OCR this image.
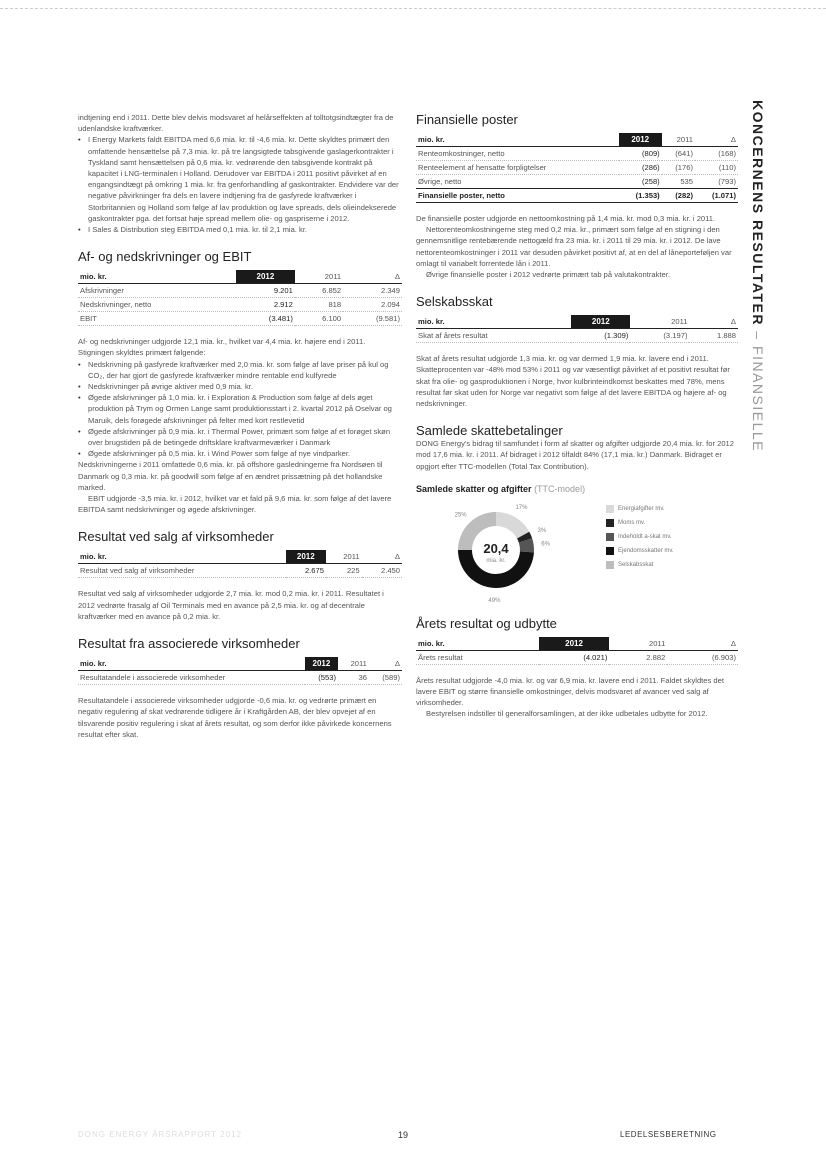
KONCERNENS RESULTATER – FINANSIELLE

indtjening end i 2011. Dette blev delvis modsvaret af helårseffekten af tolltotgsindtægter fra de udenlandske kraftværker.

• I Energy Markets faldt EBITDA med 6,6 mia. kr. til -4,6 mia. kr. Dette skyldtes primært den omfattende hensættelse på 7,3 mia. kr. på tre langsigtede tabsgivende gaslagerkontrakter i Tyskland samt hensættelsen på 0,6 mia. kr. vedrørende den tabsgivende kontrakt på kapacitet i LNG-terminalen i Holland. Derudover var EBITDA i 2011 positivt påvirket af en engangsindtægt på omkring 1 mia. kr. fra genforhandling af gaskontrakter. Endvidere var der negative påvirkninger fra dels en lavere indtjening fra de gasfyrede kraftværker i Storbritannien og Holland som følge af lav produktion og lave spreads, dels olieindekserede gaskontrakter pga. det fortsat høje spread mellem olie- og gaspriserne i 2012.
• I Sales & Distribution steg EBITDA med 0,1 mia. kr. til 2,1 mia. kr.
Af- og nedskrivninger og EBIT
mio. kr.	2012	2011	Δ
Afskrivninger	9.201	6.852	2.349
Nedskrivninger, netto	2.912	818	2.094
EBIT	(3.481)	6.100	(9.581)

Af- og nedskrivninger udgjorde 12,1 mia. kr., hvilket var 4,4 mia. kr. højere end i 2011. Stigningen skyldtes primært følgende:

• Nedskrivning på gasfyrede kraftværker med 2,0 mia. kr. som følge af lave priser på kul og CO₂, der har gjort de gasfyrede kraftværker mindre rentable end kulfyrede
• Nedskrivninger på øvrige aktiver med 0,9 mia. kr.
• Øgede afskrivninger på 1,0 mia. kr. i Exploration & Production som følge af dels øget produktion på Trym og Ormen Lange samt produktionsstart i 2. kvartal 2012 på Oselvar og Maruik, dels forøgede afskrivninger på felter med kort restlevetid
• Øgede afskrivninger på 0,9 mia. kr. i Thermal Power, primært som følge af et forøget skøn over brugstiden på de betingede driftsklare kraftvarmeværker i Danmark
• Øgede afskrivninger på 0,5 mia. kr. i Wind Power som følge af nye vindparker.

Nedskrivningerne i 2011 omfattede 0,6 mia. kr. på offshore gasledningerne fra Nordsøen til Danmark og 0,3 mia. kr. på goodwill som følge af en ændret prissætning på det hollandske marked.

EBIT udgjorde -3,5 mia. kr. i 2012, hvilket var et fald på 9,6 mia. kr. som følge af det lavere EBITDA samt nedskrivninger og øgede afskrivninger.

Resultat ved salg af virksomheder
mio. kr.	2012	2011	Δ
Resultat ved salg af virksomheder	2.675	225	2.450

Resultat ved salg af virksomheder udgjorde 2,7 mia. kr. mod 0,2 mia. kr. i 2011. Resultatet i 2012 vedrørte frasalg af Oil Terminals med en avance på 2,5 mia. kr. og af decentrale kraftværker med en avance på 0,2 mia. kr.

Resultat fra associerede virksomheder
mio. kr.	2012	2011	Δ
Resultatandele i associerede virksomheder	(553)	36	(589)

Resultatandele i associerede virksomheder udgjorde -0,6 mia. kr. og vedrørte primært en negativ regulering af skat vedrørende tidligere år i Kraftgården AB, der blev opvejet af en tilsvarende positiv regulering i skat af årets resultat, og som derfor ikke påvirkede koncernens resultat efter skat.

Finansielle poster
mio. kr.	2012	2011	Δ
Renteomkostninger, netto	(809)	(641)	(168)
Renteelement af hensatte forpligtelser	(286)	(176)	(110)
Øvrige, netto	(258)	535	(793)
Finansielle poster, netto	(1.353)	(282)	(1.071)

De finansielle poster udgjorde en nettoomkostning på 1,4 mia. kr. mod 0,3 mia. kr. i 2011.

Nettorenteomkostningerne steg med 0,2 mia. kr., primært som følge af en stigning i den gennemsnitlige rentebærende nettogæld fra 23 mia. kr. i 2011 til 29 mia. kr. i 2012. De lave nettorenteomkostninger i 2011 var desuden påvirket positivt af, at en del af låneporteføljen var omlagt til variabelt forrentede lån i 2011.

Øvrige finansielle poster i 2012 vedrørte primært tab på valutakontrakter.

Selskabsskat
mio. kr.	2012	2011	Δ
Skat af årets resultat	(1.309)	(3.197)	1.888

Skat af årets resultat udgjorde 1,3 mia. kr. og var dermed 1,9 mia. kr. lavere end i 2011. Skatteprocenten var -48% mod 53% i 2011 og var væsentligt påvirket af et positivt resultat før skat fra olie- og gasproduktionen i Norge, hvor kulbrinteindkomst beskattes med 78%, mens resultat før skat uden for Norge var negativt som følge af det lavere EBITDA og højere af- og nedskrivninger.

Samlede skattebetalinger

DONG Energy's bidrag til samfundet i form af skatter og afgifter udgjorde 20,4 mia. kr. for 2012 mod 17,6 mia. kr. i 2011. Af bidraget i 2012 tilfaldt 84% (17,1 mia. kr.) Danmark. Bidraget er opgjort efter TTC-modellen (Total Tax Contribution).

Samlede skatter og afgifter (TTC-model)
17%
3%
6%
49%
25%
20,4
mia. kr.
Energiafgifter mv.
Moms mv.
Indeholdt a-skat mv.
Ejendomsskatter mv.
Selskabsskat
Årets resultat og udbytte
mio. kr.	2012	2011	Δ
Årets resultat	(4.021)	2.882	(6.903)

Årets resultat udgjorde -4,0 mia. kr. og var 6,9 mia. kr. lavere end i 2011. Faldet skyldtes det lavere EBIT og større finansielle omkostninger, delvis modsvaret af avancer ved salg af virksomheder.

Bestyrelsen indstiller til generalforsamlingen, at der ikke udbetales udbytte for 2012.

DONG ENERGY ÅRSRAPPORT 2012	19	LEDELSESBERETNING
